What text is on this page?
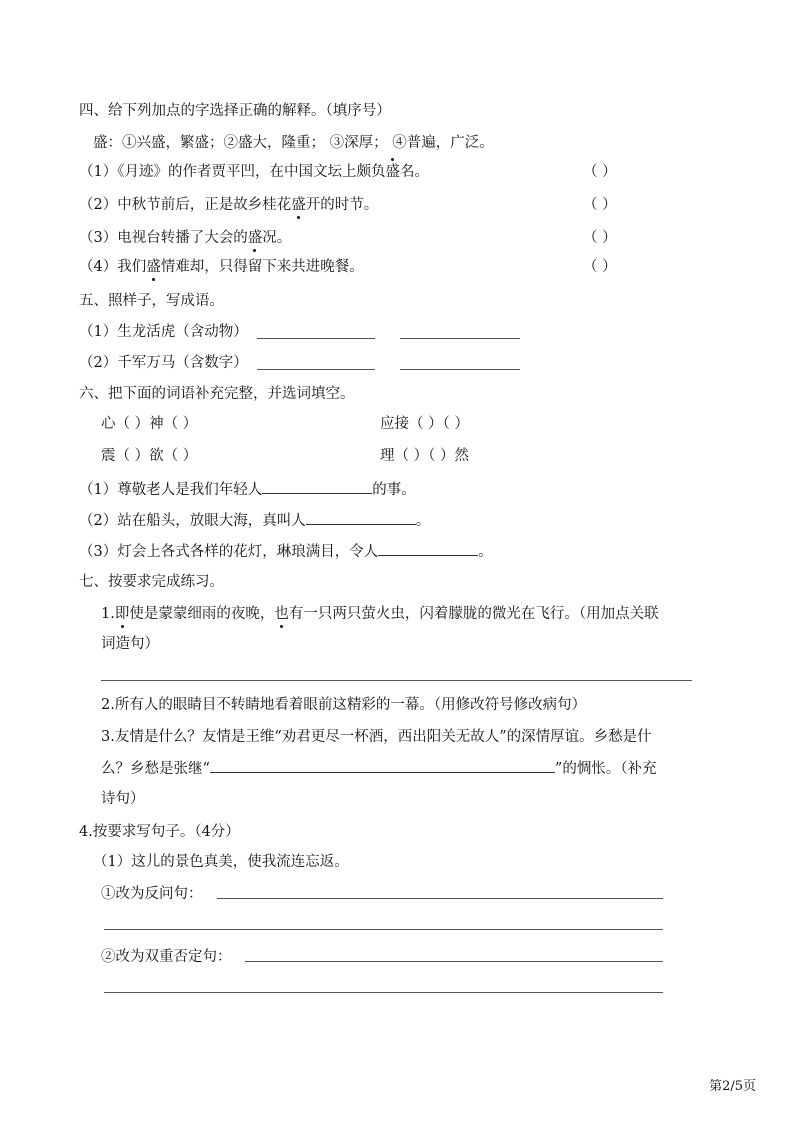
四、给下列加点的字选择正确的解释。（填序号）
盛：①兴盛，繁盛；②盛大，隆重； ③深厚； ④普遍，广泛。
（1）《月迹》的作者贾平凹，在中国文坛上颇负盛名。	（ ）
（2）中秋节前后，正是故乡桂花盛开的时节。	（ ）
（3）电视台转播了大会的盛况。	（ ）
（4）我们盛情难却，只得留下来共进晚餐。	（ ）
五、照样子，写成语。
（1）生龙活虎（含动物）
（2）千军万马（含数字）
六、把下面的词语补充完整，并选词填空。
心（ ）神（ ）	应接（ ）（ ）
震（ ）欲（ ）	理（ ）（ ）然
（1）尊敬老人是我们年轻人	的事。
（2）站在船头，放眼大海，真叫人	。
（3）灯会上各式各样的花灯，琳琅满目，令人	。
七、按要求完成练习。
1.即使是蒙蒙细雨的夜晚，也有一只两只萤火虫，闪着朦胧的微光在飞行。（用加点关联
词造句）
2.所有人的眼睛目不转睛地看着眼前这精彩的一幕。（用修改符号修改病句）
3.友情是什么？友情是王维“劝君更尽一杯酒，西出阳关无故人”的深情厚谊。乡愁是什
么？乡愁是张继“	”的惆怅。（补充
诗句）
4.按要求写句子。（4分）
（1）这儿的景色真美，使我流连忘返。
①改为反问句：
②改为双重否定句：
第2/5页
